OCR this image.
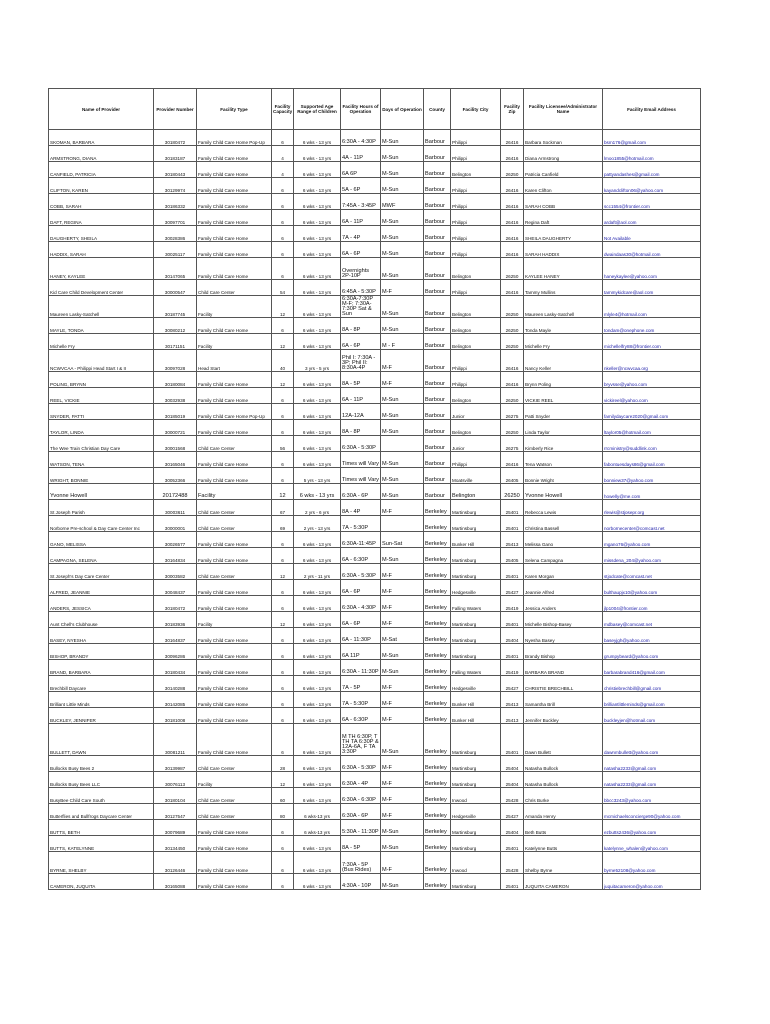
Name of Provider	Provider Number	Facility Type	Facility Capacity	Supported Age Range of Children	Facility Hours of Operation	Days of Operation	County	Facility City	Facility Zip	Facility Licensee/Administrator Name	Facility Email Address
SKOMAN, BARBARA	30180472	Family Child Care Home Pop-Up	6	6 wks - 13 yrs	6:30A - 4:30P	M-Sun	Barbour	Philippi	26416	Barbara Sockman	bsm176@gmail.com
ARMSTRONG, DIANA	30183187	Family Child Care Home	4	6 wks - 13 yrs	4A - 11P	M-Sun	Barbour	Philippi	26416	Diana Armstrong	lmoo1855@hotmail.com
CANFIELD, PATRICIA	30180443	Family Child Care Home	4	6 wks - 13 yrs	6A 6P	M-Sun	Barbour	Belington	26250	Patricia Canfield	pattyandashes@gmail.com
CLIFTON, KAREN	30129974	Family Child Care Home	6	6 wks - 13 yrs	5A - 6P	M-Sun	Barbour	Philippi	26416	Karen Clifton	kayandclifton06@yahoo.com
COBB, SARAH	30186332	Family Child Care Home	6	6 wks - 13 yrs	7:45A - 3:45P	MWF	Barbour	Philippi	26416	SARAH COBB	scc1554@frontier.com
DAFT, REGINA	30097701	Family Child Care Home	6	6 wks - 13 yrs	6A - 11P	M-Sun	Barbour	Philippi	26416	Regina Daft	ardaft@aol.com
DAUGHERTY, SHEILA	30028386	Family Child Care Home	6	6 wks - 13 yrs	7A - 4P	M-Sun	Barbour	Philippi	26416	SHEILA DAUGHERTY	Not Available
HADDIX, SARAH	30025117	Family Child Care Home	6	6 wks - 13 yrs	6A - 6P	M-Sun	Barbour	Philippi	26416	SARAH HADDIX	dwaindaas30@hotmail.com
HANEY, KAYLEE	30147065	Family Child Care Home	6	6 wks - 13 yrs	Overnights 2P-10P	M-Sun	Barbour	Belington	26250	KAYLEE HANEY	haneykaylee@yahoo.com
Kid Care Child Development Center	30000547	Child Care Center	54	6 wks - 13 yrs	6:45A - 5:30P	M-F	Barbour	Philippi	26416	Tammy Mullins	tammykidcare@aol.com
Maureen Lasky-Satchell	30187745	Facility	12	6 wks - 13 yrs	6:30A-7:30P M-F; 7:30A-7:30P Sat & Sun	M-Sun	Barbour	Belington	26250	Maureen Lasky-Satchell	mlyle4@hotmail.com
MAYLE, TONDA	30080212	Family Child Care Home	6	6 wks - 13 yrs	8A - 8P	M-Sun	Barbour	Belington	26250	Tonda Mayle	tondam@onephone.com
Michelle Fry	30171151	Facility	12	6 wks - 13 yrs	6A - 6P	M - F	Barbour	Belington	26250	Michelle Fry	michellelfry88@frontier.com
NCWVCAA - Philippi Head Start I & II	30097028	Head Start	40	3 yrs - 5 yrs	Phil I: 7:30A - 3P; Phil II: 8:30A-4P	M-F	Barbour	Philippi	26416	Nancy Keller	nkeller@ncwvcaa.org
POLING, BRYNN	30180084	Family Child Care Home	12	6 wks - 13 yrs	8A - 5P	M-F	Barbour	Philippi	26416	Brynn Poling	bryvsse@yahoo.com
REEL, VICKIE	30032938	Family Child Care Home	6	6 wks - 13 yrs	6A - 11P	M-Sun	Barbour	Belington	26250	VICKIE REEL	vickireel@yahoo.com
SNYDER, PATTI	30185019	Family Child Care Home Pop-Up	6	6 wks - 13 yrs	12A-12A	M-Sun	Barbour	Junior	26275	Patti Snyder	familydaycare2020@gmail.com
TAYLOR, LINDA	30000721	Family Child Care Home	6	6 wks - 13 yrs	8A - 8P	M-Sun	Barbour	Belington	26250	Linda Taylor	ltaylor05@hotmail.com
The Wee Train Christian Day Care	30001568	Child Care Center	56	6 wks - 13 yrs	6:30A - 5:30P		Barbour	Junior	26275	Kimberly Rice	rrcministry@suddlink.com
WATSON, TENA	30165046	Family Child Care Home	6	6 wks - 13 yrs	Times will Vary	M-Sun	Barbour	Philippi	26416	Tena Watson	fabontuesdays86@gmail.com
WRIGHT, BONNIE	30052366	Family Child Care Home	6	5 yrs - 13 yrs	Times will Vary	M-Sun	Barbour	Moatsville	26405	Bonnie Wright	bonniew37@yahoo.com
Yvonne Howell	20172488	Facility	12	6 wks - 13 yrs	6:30A - 6P	M-Sun	Barbour	Belington	26250	Yvonne Howell	howelly@me.com
St Joseph Parish	30003611	Child Care Center	67	2 yrs - 6 yrs	8A - 4P	M-F	Berkeley	Martinsburg	25401	Rebecca Lewis	rlewis@stjosepr.org
Norborne Pre-school & Day Care Center Inc	30000001	Child Care Center	69	2 yrs - 13 yrs	7A - 5:30P		Berkeley	Martinsburg	25401	Christina Bassell	norbornecenter@comcast.net
GANO, MELISSA	30026577	Family Child Care Home	6	6 wks - 13 yrs	6:30A-11:45P	Sun-Sat	Berkeley	Bunker Hill	25413	Melissa Gano	mgano76@yahoo.com
CAMPAGNA, SELENA	30164834	Family Child Care Home	6	6 wks - 13 yrs	6A - 6:30P	M-Sun	Berkeley	Martinsburg	25405	Selena Campagna	missdena_204@yahoo.com
St Joseph's Day Care Center	30003582	Child Care Center	12	2 yrs - 11 yrs	6:30A - 5:30P	M-F	Berkeley	Martinsburg	25401	Karen Morgan	stjodcate@comcast.net
ALFRED, JEANNIE	30048437	Family Child Care Home	6	6 wks - 13 yrs	6A - 6P	M-F	Berkeley	Hedgesville	25427	Jeannie Alfred	bulthaupjx10@yahoo.com
ANDERS, JESSICA	30180472	Family Child Care Home	6	6 wks - 13 yrs	6:30A - 4:30P	M-F	Berkeley	Falling Waters	25419	Jessica Anders	jlp1004@frontier.com
Aunt Chell's Clubhouse	30183936	Facility	12	6 wks - 13 yrs	6A - 6P	M-F	Berkeley	Martinsburg	25401	Michelle Bishop-Basey	mdbasey@comcast.net
BASEY, NYESHA	30164837	Family Child Care Home	6	6 wks - 13 yrs	6A - 11:30P	M-Sat	Berkeley	Martinsburg	25404	Nyesha Basey	baseyjgh@yahoo.com
BISHOP, BRANDY	30096286	Family Child Care Home	6	6 wks - 13 yrs	6A 11P	M-Sun	Berkeley	Martinsburg	25401	Brandy Bishop	grumpybeard@yahoo.com
BRAND, BARBARA	30180434	Family Child Care Home	6	6 wks - 13 yrs	6:30A - 11:30P	M-Sun	Berkeley	Falling Waters	25419	BARBARA BRAND	barbarabrand416@gmail.com
Brechbill Daycare	30140288	Family Child Care Home	6	6 wks - 13 yrs	7A - 5P	M-F	Berkeley	Hedgesville	25427	CHRISTIE BRECHBILL	christiebrechbill@gmail.com
Brilliant Little Minds	30142085	Family Child Care Home	6	6 wks - 13 yrs	7A - 5:30P	M-F	Berkeley	Bunker Hill	25413	Samantha Brill	brilliantlittleminds@gmail.com
BUCKLEY, JENNIFER	30181008	Family Child Care Home	6	6 wks - 13 yrs	6A - 6:30P	M-F	Berkeley	Bunker Hill	25413	Jennifer Buckley	buckleyjen@hotmail.com
BULLETT, DAWN	30081211	Family Child Care Home	6	6 wks - 13 yrs	M TH 6:30P, T TH TA 6:30P & 12A-6A, F TA 3:30P	M-Sun	Berkeley	Martinsburg	25401	Dawn Bullett	dawnmbullett@yahoo.com
Bullocks Busy Bees 2	30139987	Child Care Center	28	6 wks - 13 yrs	6:30A - 5:30P	M-F	Berkeley	Martinsburg	25404	Natasha Bullock	natasha2233@gmail.com
Bullocks Busy Bees LLC	30076113	Facility	12	6 wks - 13 yrs	6:30A - 4P	M-F	Berkeley	Martinsburg	25404	Natasha Bullock	natasha2233@gmail.com
BusyBee Child Care South	30180104	Child Care Center	60	6 wks - 13 yrs	6:30A - 6:30P	M-F	Berkeley	Inwood	25428	Chris Burke	bbcc3243@yahoo.com
Butterflies and Bullfrogs Daycare Center	30127547	Child Care Center	80	6 wks-13 yrs	6:30A - 6P	M-F	Berkeley	Hedgesville	25427	Amanda Henry	mcmichaelsconcierge90@yahoo.com
BUTTS, BETH	30079689	Family Child Care Home	6	6 wks-13 yrs	5:30A - 11:30P	M-Sun	Berkeley	Martinsburg	25404	Beth Butts	ezbutts2436@yahoo.com
BUTTS, KATELYNNE	30134450	Family Child Care Home	6	6 wks - 13 yrs	8A - 5P	M-Sun	Berkeley	Martinsburg	25401	Katelynne Butts	katelynne_whalen@yahoo.com
BYRNE, SHELBY	30126446	Family Child Care Home	6	6 wks - 13 yrs	7:30A - 5P (Bus Rides)	M-F	Berkeley	Inwood	25428	Shelby Byrne	byrne52108@yahoo.com
CAMERON, JUQUITA	30165088	Family Child Care Home	6	6 wks - 13 yrs	4:30A - 10P	M-Sun	Berkeley	Martinsburg	25401	JUQUITA CAMERON	juquitacameron@yahoo.com
